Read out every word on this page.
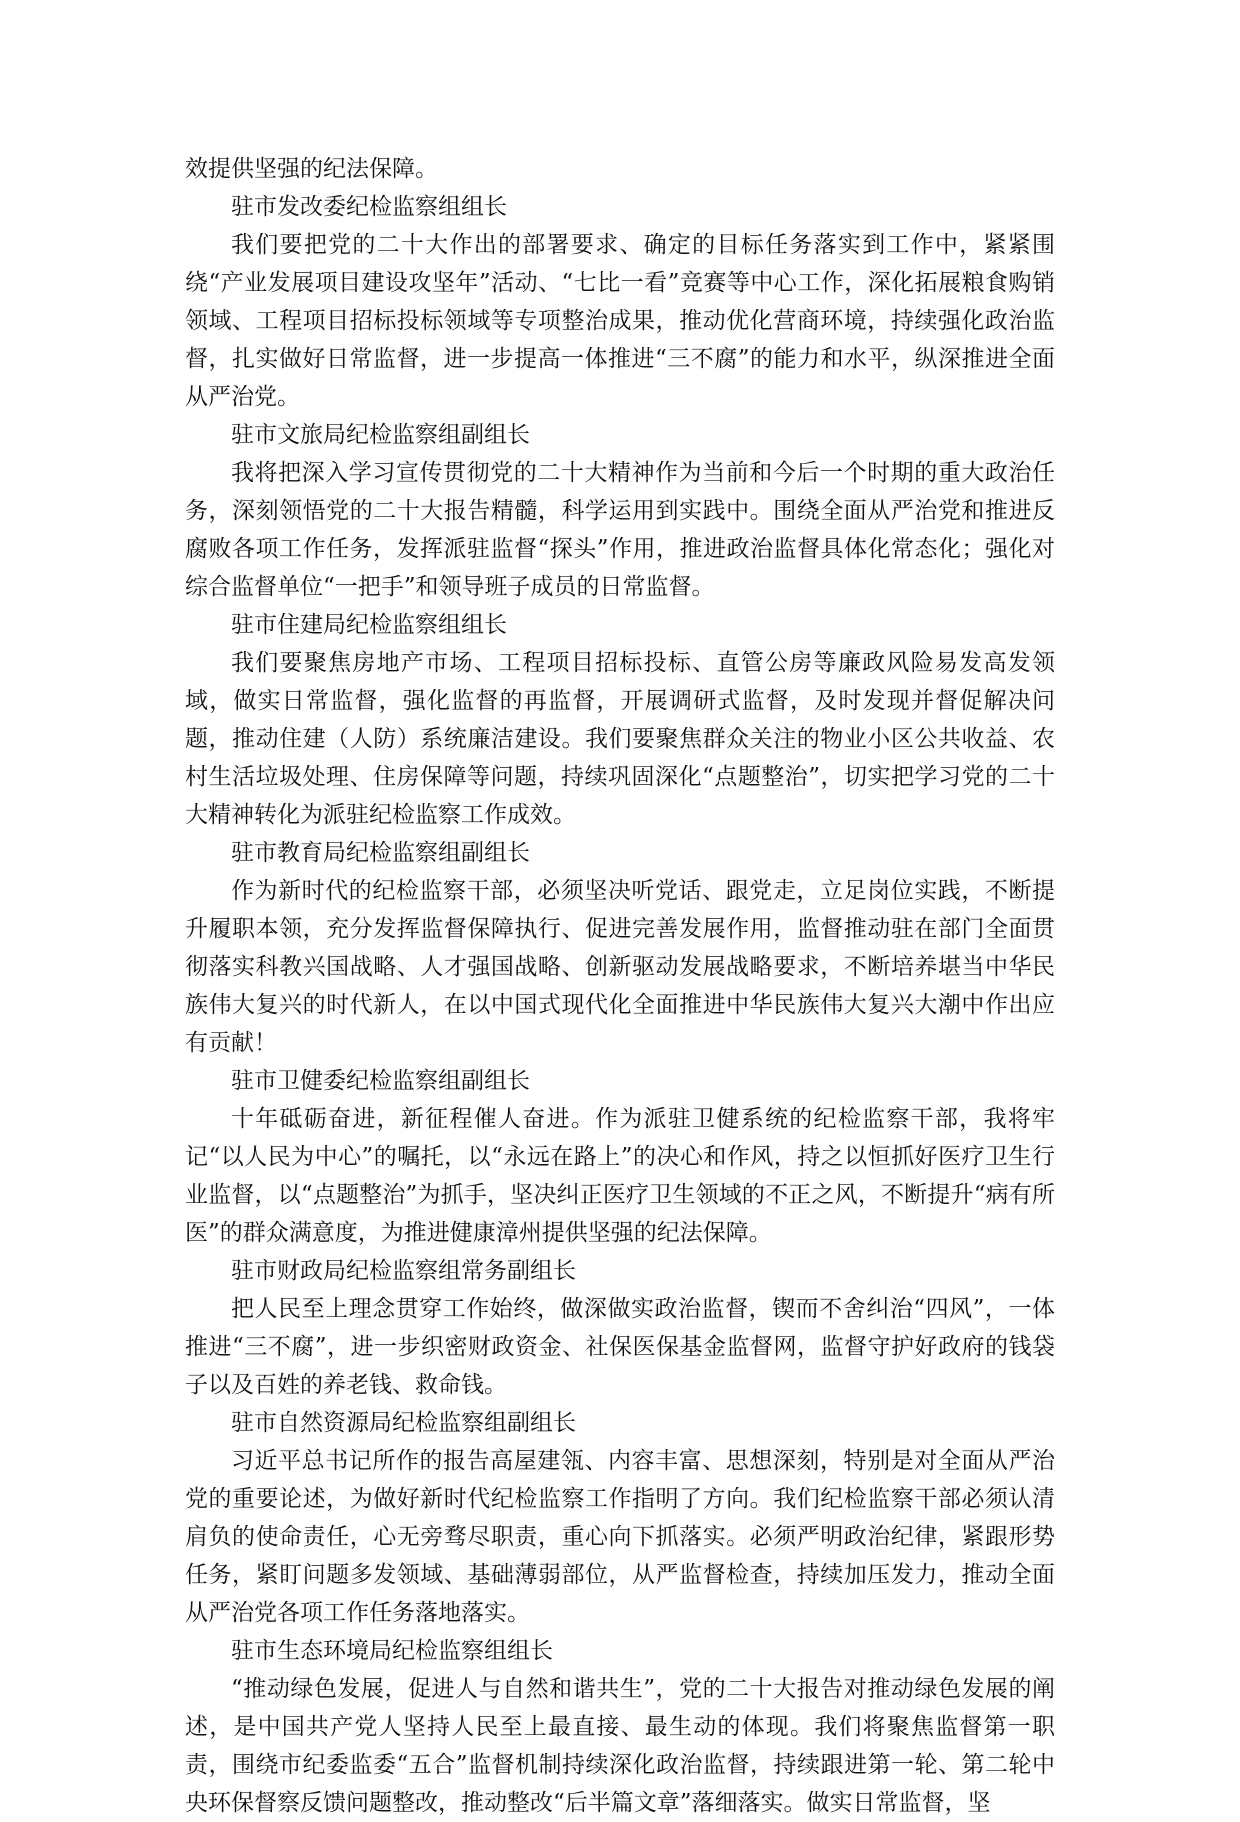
效提供坚强的纪法保障。

驻市发改委纪检监察组组长

我们要把党的二十大作出的部署要求、确定的目标任务落实到工作中，紧紧围绕“产业发展项目建设攻坚年”活动、“七比一看”竞赛等中心工作，深化拓展粮食购销领域、工程项目招标投标领域等专项整治成果，推动优化营商环境，持续强化政治监督，扎实做好日常监督，进一步提高一体推进“三不腐”的能力和水平，纵深推进全面从严治党。

驻市文旅局纪检监察组副组长

我将把深入学习宣传贯彻党的二十大精神作为当前和今后一个时期的重大政治任务，深刻领悟党的二十大报告精髓，科学运用到实践中。围绕全面从严治党和推进反腐败各项工作任务，发挥派驻监督“探头”作用，推进政治监督具体化常态化；强化对综合监督单位“一把手”和领导班子成员的日常监督。

驻市住建局纪检监察组组长

我们要聚焦房地产市场、工程项目招标投标、直管公房等廉政风险易发高发领域，做实日常监督，强化监督的再监督，开展调研式监督，及时发现并督促解决问题，推动住建（人防）系统廉洁建设。我们要聚焦群众关注的物业小区公共收益、农村生活垃圾处理、住房保障等问题，持续巩固深化“点题整治”，切实把学习党的二十大精神转化为派驻纪检监察工作成效。

驻市教育局纪检监察组副组长

作为新时代的纪检监察干部，必须坚决听党话、跟党走，立足岗位实践，不断提升履职本领，充分发挥监督保障执行、促进完善发展作用，监督推动驻在部门全面贯彻落实科教兴国战略、人才强国战略、创新驱动发展战略要求，不断培养堪当中华民族伟大复兴的时代新人，在以中国式现代化全面推进中华民族伟大复兴大潮中作出应有贡献！

驻市卫健委纪检监察组副组长

十年砥砺奋进，新征程催人奋进。作为派驻卫健系统的纪检监察干部，我将牢记“以人民为中心”的嘱托，以“永远在路上”的决心和作风，持之以恒抓好医疗卫生行业监督，以“点题整治”为抓手，坚决纠正医疗卫生领域的不正之风，不断提升“病有所医”的群众满意度，为推进健康漳州提供坚强的纪法保障。

驻市财政局纪检监察组常务副组长

把人民至上理念贯穿工作始终，做深做实政治监督，锲而不舍纠治“四风”，一体推进“三不腐”，进一步织密财政资金、社保医保基金监督网，监督守护好政府的钱袋子以及百姓的养老钱、救命钱。

驻市自然资源局纪检监察组副组长

习近平总书记所作的报告高屋建瓴、内容丰富、思想深刻，特别是对全面从严治党的重要论述，为做好新时代纪检监察工作指明了方向。我们纪检监察干部必须认清肩负的使命责任，心无旁骛尽职责，重心向下抓落实。必须严明政治纪律，紧跟形势任务，紧盯问题多发领域、基础薄弱部位，从严监督检查，持续加压发力，推动全面从严治党各项工作任务落地落实。

驻市生态环境局纪检监察组组长

“推动绿色发展，促进人与自然和谐共生”，党的二十大报告对推动绿色发展的阐述，是中国共产党人坚持人民至上最直接、最生动的体现。我们将聚焦监督第一职责，围绕市纪委监委“五合”监督机制持续深化政治监督，持续跟进第一轮、第二轮中央环保督察反馈问题整改，推动整改“后半篇文章”落细落实。做实日常监督，坚
